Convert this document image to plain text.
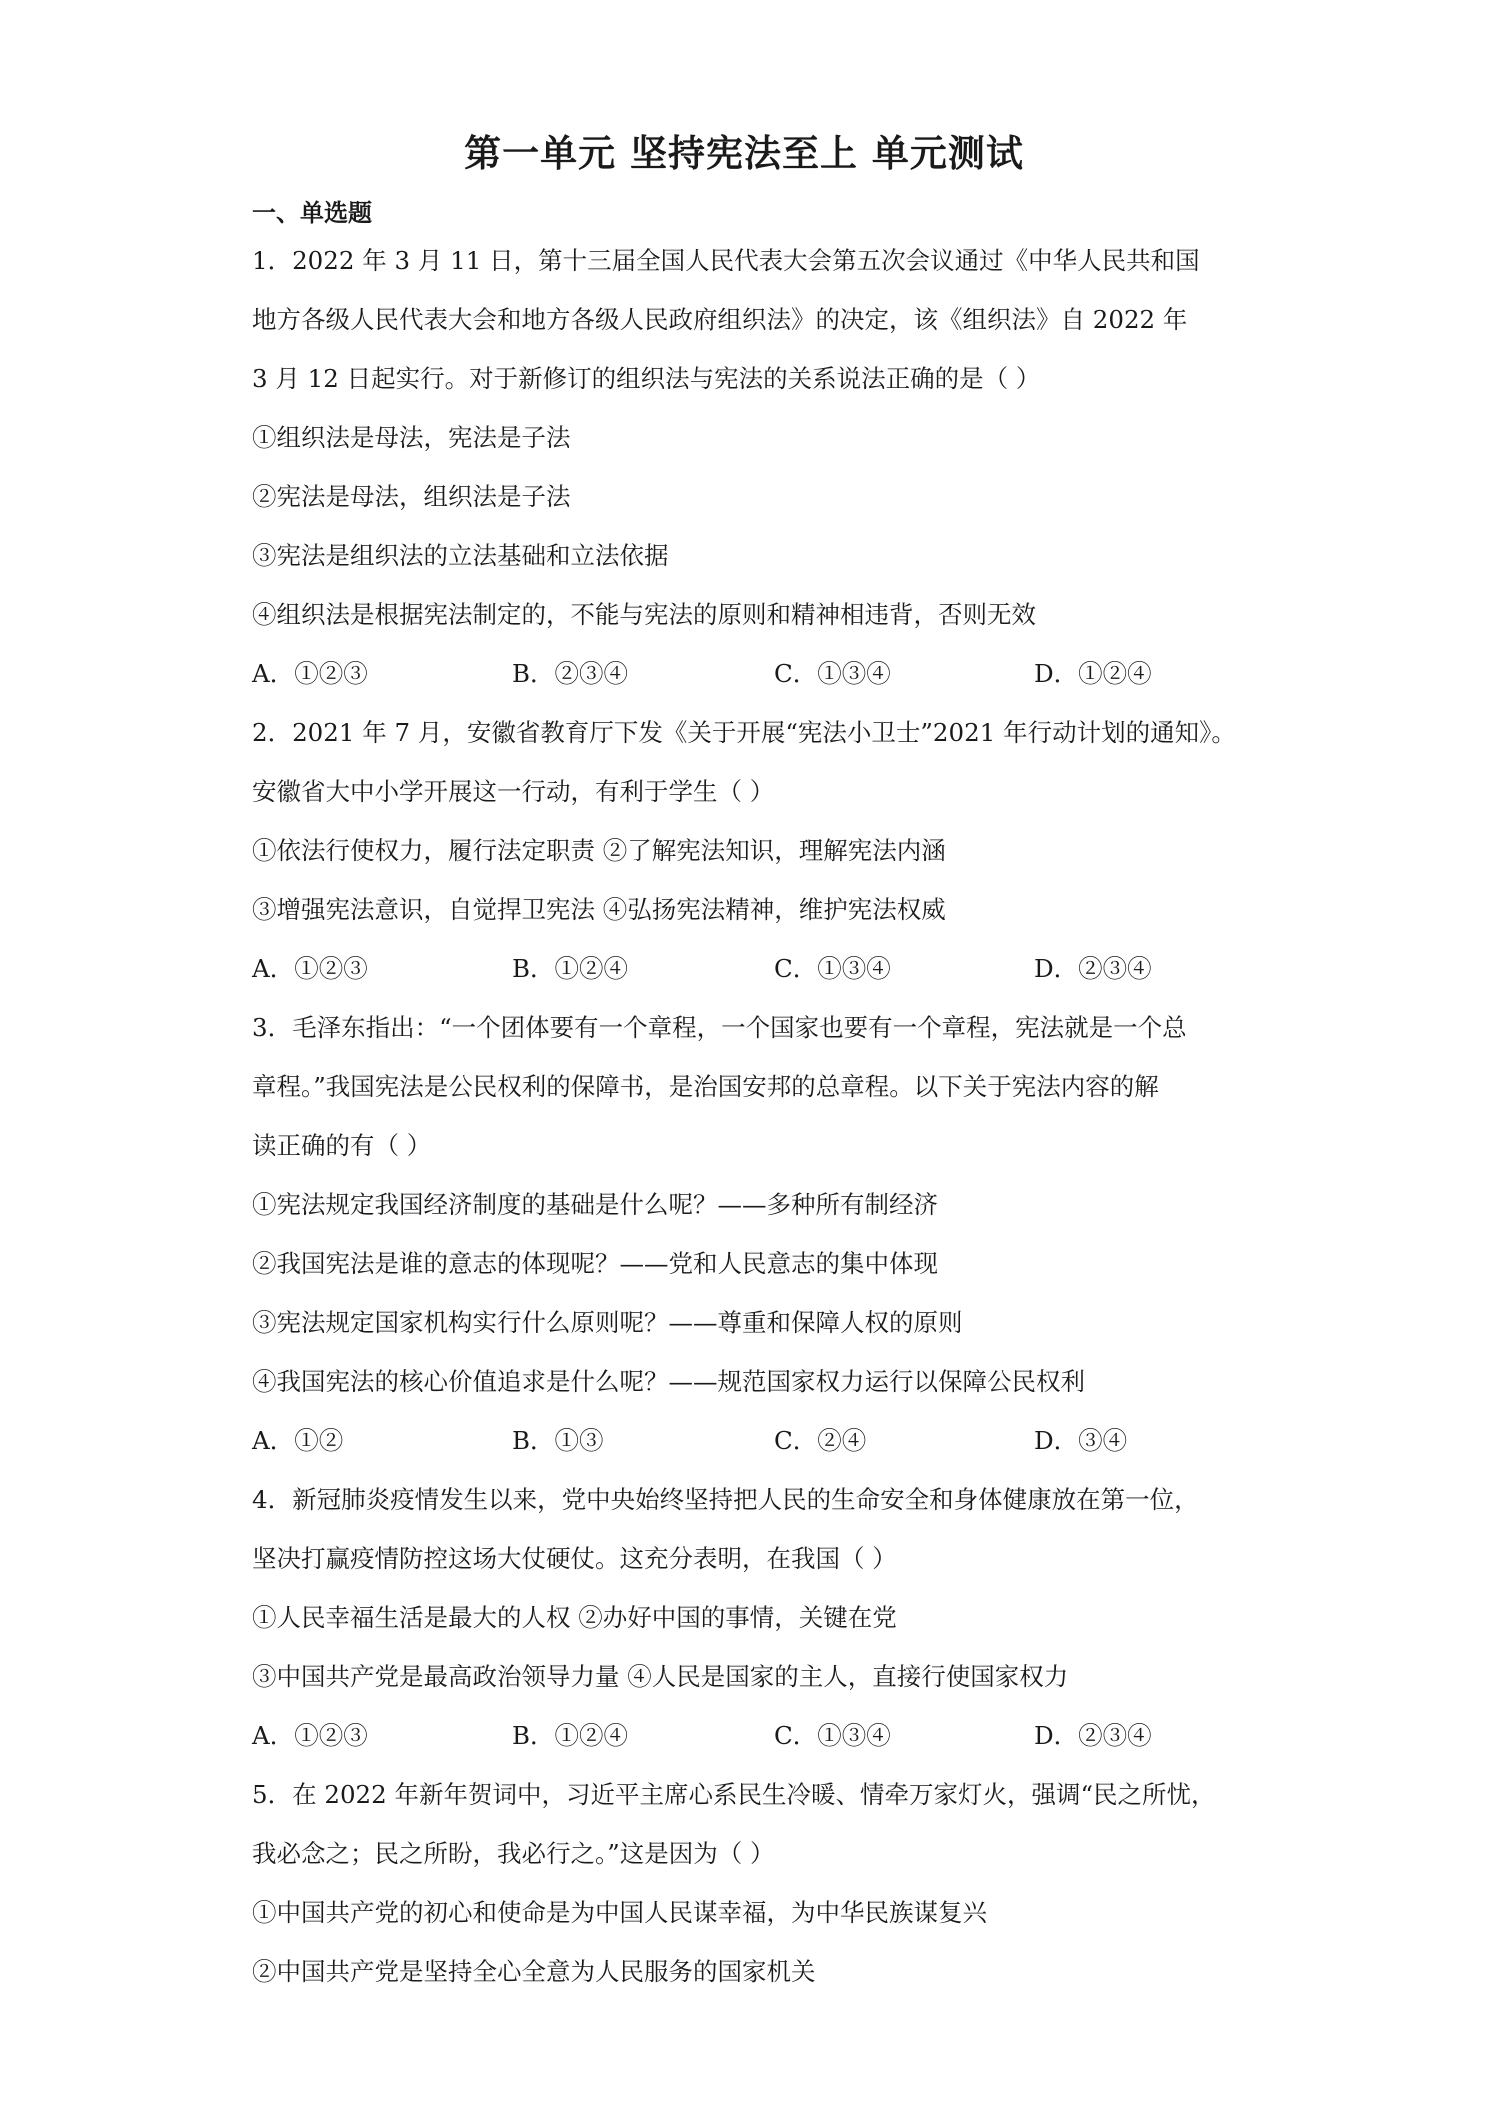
第一单元 坚持宪法至上 单元测试
一、单选题
1．2022 年 3 月 11 日，第十三届全国人民代表大会第五次会议通过《中华人民共和国
地方各级人民代表大会和地方各级人民政府组织法》的决定，该《组织法》自 2022 年
3 月 12 日起实行。对于新修订的组织法与宪法的关系说法正确的是（ ）
①组织法是母法，宪法是子法
②宪法是母法，组织法是子法
③宪法是组织法的立法基础和立法依据
④组织法是根据宪法制定的，不能与宪法的原则和精神相违背，否则无效
A．①②③	B．②③④	C．①③④	D．①②④
2．2021 年 7 月，安徽省教育厅下发《关于开展“宪法小卫士”2021 年行动计划的通知》。
安徽省大中小学开展这一行动，有利于学生（ ）
①依法行使权力，履行法定职责 ②了解宪法知识，理解宪法内涵
③增强宪法意识，自觉捍卫宪法 ④弘扬宪法精神，维护宪法权威
A．①②③	B．①②④	C．①③④	D．②③④
3．毛泽东指出：“一个团体要有一个章程，一个国家也要有一个章程，宪法就是一个总
章程。”我国宪法是公民权利的保障书，是治国安邦的总章程。以下关于宪法内容的解
读正确的有（ ）
①宪法规定我国经济制度的基础是什么呢？——多种所有制经济
②我国宪法是谁的意志的体现呢？——党和人民意志的集中体现
③宪法规定国家机构实行什么原则呢？——尊重和保障人权的原则
④我国宪法的核心价值追求是什么呢？——规范国家权力运行以保障公民权利
A．①②	B．①③	C．②④	D．③④
4．新冠肺炎疫情发生以来，党中央始终坚持把人民的生命安全和身体健康放在第一位，
坚决打赢疫情防控这场大仗硬仗。这充分表明，在我国（ ）
①人民幸福生活是最大的人权 ②办好中国的事情，关键在党
③中国共产党是最高政治领导力量 ④人民是国家的主人，直接行使国家权力
A．①②③	B．①②④	C．①③④	D．②③④
5．在 2022 年新年贺词中，习近平主席心系民生冷暖、情牵万家灯火，强调“民之所忧，
我必念之；民之所盼，我必行之。”这是因为（ ）
①中国共产党的初心和使命是为中国人民谋幸福，为中华民族谋复兴
②中国共产党是坚持全心全意为人民服务的国家机关
